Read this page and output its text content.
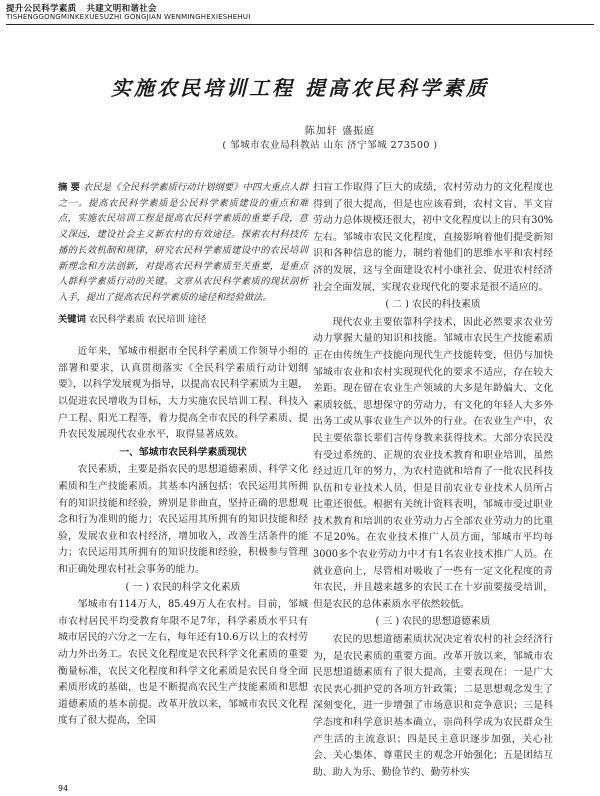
提升公民科学素质 共建文明和谐社会
TISHENGGONGMINKEXUESUZHI GONGJIAN WENMINGHEXIESHEHUI
实施农民培训工程 提高农民科学素质
陈加轩 盛振庭
( 邹城市农业局科教站 山东 济宁邹城 273500 )
摘 要 农民是《全民科学素质行动计划纲要》中四大重点人群之一。提高农民科学素质是公民科学素质建设的重点和难点，实施农民培训工程是提高农民科学素质的重要手段，意义深远，建设社会主义新农村的有效途径。探索农村科技传播的长效机制和规律，研究农民科学素质建设中的农民培训新理念和方法创新，对提高农民科学素质至关重要，是重点人群科学素质行动的关键。文章从农民科学素质的现状剖析入手，提出了提高农民科学素质的途径和经验做法。
关键词 农民科学素质 农民培训 途径

近年来，邹城市根据市全民科学素质工作领导小组的部署和要求，认真贯彻落实《全民科学素质行动计划纲要》，以科学发展观为指导，以提高农民科学素质为主题，以促进农民增收为目标，大力实施农民培训工程、科技入户工程、阳光工程等，着力提高全市农民的科学素质、提升农民发展现代农业水平，取得显著成效。

一、邹城市农民科学素质现状

农民素质，主要是指农民的思想道德素质、科学文化素质和生产技能素质。其基本内涵包括：农民运用其所拥有的知识技能和经验，辨别是非曲直，坚持正确的思想观念和行为准则的能力；农民运用其所拥有的知识技能和经验，发展农业和农村经济，增加收入，改善生活条件的能力；农民运用其所拥有的知识技能和经验，积极参与管理和正确处理农村社会事务的能力。

( 一 ) 农民的科学文化素质

邹城市有114万人，85.49万人在农村。目前，邹城市农村居民平均受教育年限不足7年，科学素质水平只有城市居民的六分之一左右，每年还有10.6万以上的农村劳动力外出务工。农民文化程度是农民科学文化素质的重要衡量标准，农民文化程度和科学文化素质是农民自身全面素质形成的基础，也是不断提高农民生产技能素质和思想道德素质的基本前提。改革开放以来，邹城市农民文化程度有了很大提高，全国

扫盲工作取得了巨大的成绩，农村劳动力的文化程度也得到了很大提高，但是也应该看到，农村文盲、半文盲劳动力总体规模还很大，初中文化程度以上的只有30%左右。邹城市农民文化程度，直接影响着他们提受新知识和各种信息的能力，制约着他们的思维水平和农村经济的发展，这与全面建设农村小康社会、促进农村经济社会全面发展，实现农业现代化的要求是很不适应的。

( 二 ) 农民的科技素质

现代农业主要依靠科学技术，因此必然要求农业劳动力掌握大量的知识和技能。邹城市农民生产技能素质正在由传统生产技能向现代生产技能转变，但仍与加快邹城市农业和农村实现现代化的要求不适应，存在较大差距。现在留在农业生产领域的大多是年龄偏大、文化素质较低、思想保守的劳动力，有文化的年轻人大多外出务工或从事农业生产以外的行业。在农业生产中，农民主要依靠长辈们言传身教来获得技术。大部分农民没有受过系统的、正规的农业技术教育和职业培训，虽然经过近几年的努力，为农村造就和培育了一批农民科技队伍和专业技术人员，但是目前农业专业技术人员所占比重还很低。根据有关统计资料表明，邹城市受过职业技术教育和培训的农业劳动力占全部农业劳动力的比重不足20%。在农业技术推广人员方面，邹城市平均每3000多个农业劳动力中才有1名农业技术推广人员。在就业意向上，尽管相对吸收了一些有一定文化程度的青年农民，并且越来越多的农民工在十岁前要接受培训，但是农民的总体素质水平依然较低。

( 三 ) 农民的思想道德素质

农民的思想道德素质状况决定着农村的社会经济行为，是农民素质的重要方面。改革开放以来，邹城市农民思想道德素质有了很大提高，主要表现在：一是广大农民衷心拥护党的各项方针政策；二是思想观念发生了深刻变化，进一步增强了市场意识和竞争意识；三是科学态度和科学意识基本确立，崇尚科学成为农民群众生产生活的主流意识；四是民主意识逐步加强，关心社会、关心集体、尊重民主的观念开始强化；五是团结互助、助人为乐、勤俭节约、勤劳朴实

94
